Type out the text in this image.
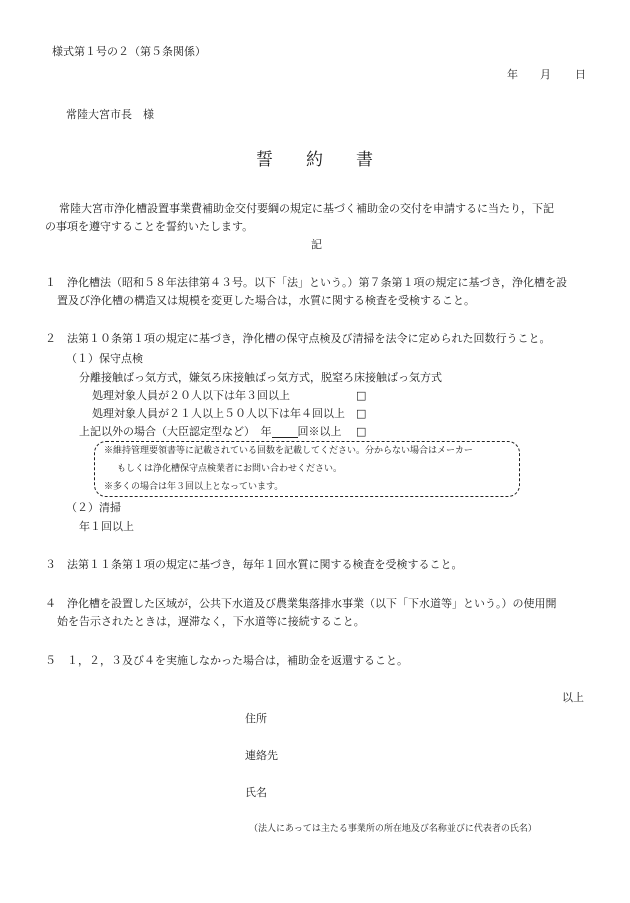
様式第１号の２（第５条関係）
年 月 日
常陸大宮市長　様
誓 約 書
常陸大宮市浄化槽設置事業費補助金交付要綱の規定に基づく補助金の交付を申請するに当たり，下記
の事項を遵守することを誓約いたします。
記
１ 浄化槽法（昭和５８年法律第４３号。以下「法」という。）第７条第１項の規定に基づき，浄化槽を設
置及び浄化槽の構造又は規模を変更した場合は，水質に関する検査を受検すること。
２ 法第１０条第１項の規定に基づき，浄化槽の保守点検及び清掃を法令に定められた回数行うこと。
（１）保守点検
分離接触ばっ気方式，嫌気ろ床接触ばっ気方式，脱窒ろ床接触ばっ気方式
処理対象人員が２０人以下は年３回以上	□
処理対象人員が２１人以上５０人以下は年４回以上 □
上記以外の場合（大臣認定型など）　年 回※以上 □
※維持管理要領書等に記載されている回数を記載してください。分からない場合はメーカー
もしくは浄化槽保守点検業者にお問い合わせください。
※多くの場合は年３回以上となっています。
（２）清掃
年１回以上
３ 法第１１条第１項の規定に基づき，毎年１回水質に関する検査を受検すること。
４ 浄化槽を設置した区域が，公共下水道及び農業集落排水事業（以下「下水道等」という。）の使用開
始を告示されたときは，遅滞なく，下水道等に接続すること。
５ １，２，３及び４を実施しなかった場合は，補助金を返還すること。
以上
住所
連絡先
氏名
（法人にあっては主たる事業所の所在地及び名称並びに代表者の氏名）
